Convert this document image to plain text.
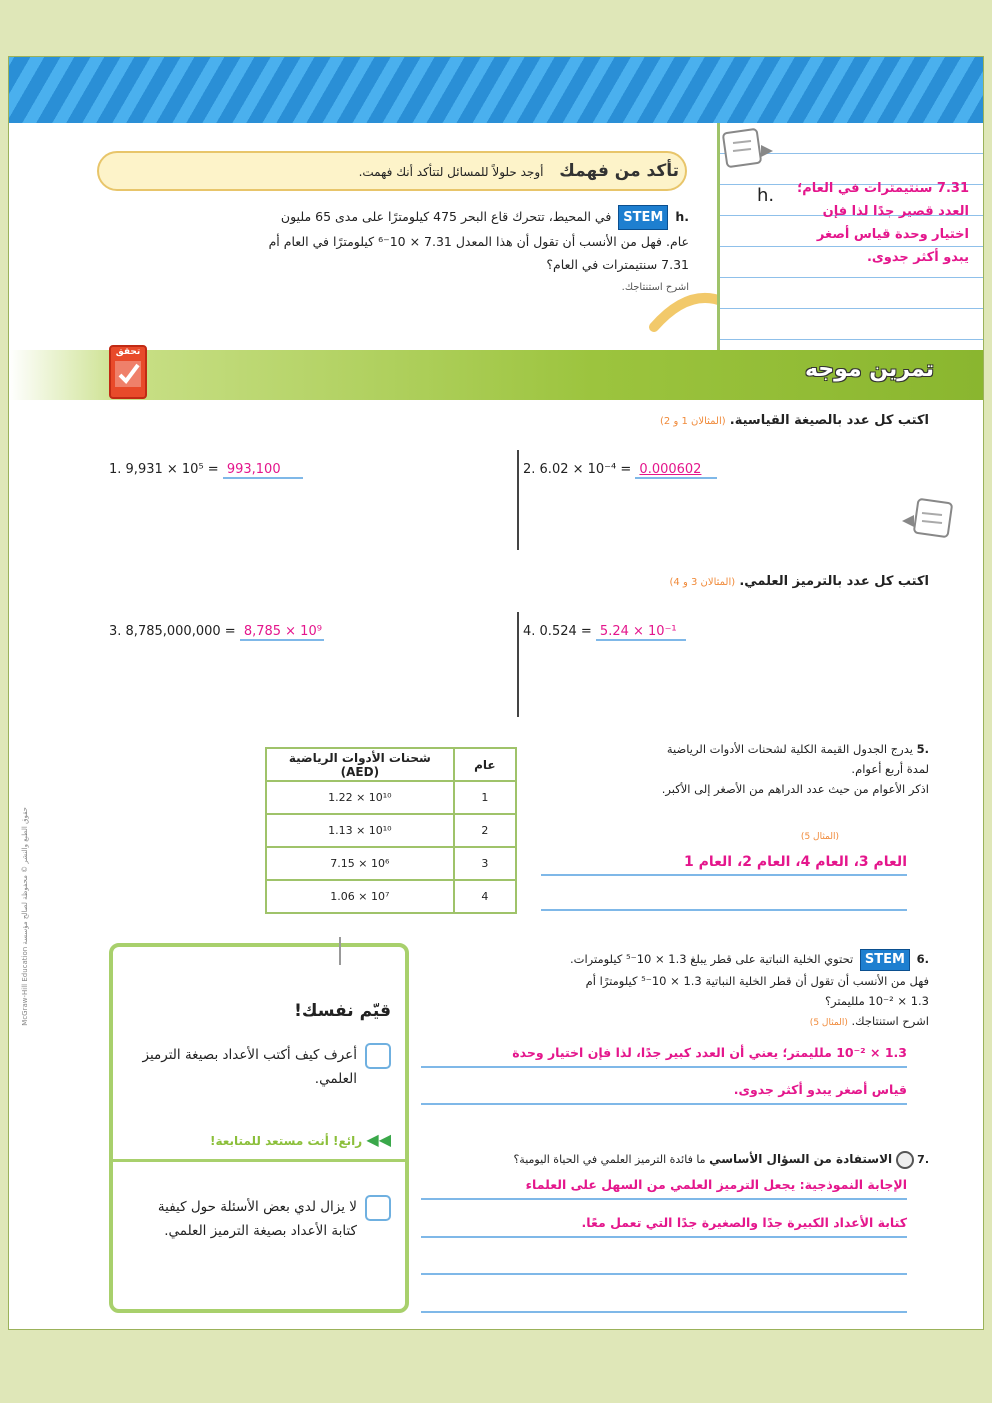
تأكد من فهمك أوجد حلولاً للمسائل لتتأكد أنك فهمت.
.h STEM في المحيط، تتحرك قاع البحر 475 كيلومترًا على مدى 65 مليون
عام. فهل من الأنسب أن تقول أن هذا المعدل 7.31 × 10⁻⁶ كيلومترًا في العام أم
7.31 سنتيمترات في العام؟
اشرح استنتاجك.
h.	7.31 سنتيمترات في العام؛
العدد قصير جدًا لذا فإن
اختيار وحدة قياس أصغر
يبدو أكثر جدوى.
تمرين موجه
تحقق
اكتب كل عدد بالصيغة القياسية. (المثالان 1 و 2)
1. 9,931 × 10⁵ = 993,100	2. 6.02 × 10⁻⁴ = 0.000602
اكتب كل عدد بالترميز العلمي. (المثالان 3 و 4)
3. 8,785,000,000 = 8,785 × 10⁹	4. 0.524 = 5.24 × 10⁻¹
شحنات الأدوات الرياضية (AED)	عام
1.22 × 10¹⁰	1
1.13 × 10¹⁰	2
7.15 × 10⁶	3
1.06 × 10⁷	4
.5 يدرج الجدول القيمة الكلية لشحنات الأدوات الرياضية
لمدة أربع أعوام.
اذكر الأعوام من حيث عدد الدراهم من الأصغر إلى الأكبر.
(المثال 5)
العام 3، العام 4، العام 2، العام 1
قيّم نفسك!
أعرف كيف أكتب الأعداد بصيغة الترميز العلمي.
◀◀ رائع! أنت مستعد للمتابعة!
لا يزال لدي بعض الأسئلة حول كيفية كتابة الأعداد بصيغة الترميز العلمي.
.6 STEM تحتوي الخلية النباتية على قطر يبلغ 1.3 × 10⁻⁵ كيلومترات.
فهل من الأنسب أن تقول أن قطر الخلية النباتية 1.3 × 10⁻⁵ كيلومترًا أم
1.3 × 10⁻² ملليمتر؟
اشرح استنتاجك. (المثال 5)
1.3 × 10⁻² ملليمتر؛ يعني أن العدد كبير جدًا، لذا فإن اختيار وحدة
قياس أصغر يبدو أكثر جدوى.
.7  الاستفادة من السؤال الأساسي ما فائدة الترميز العلمي في الحياة اليومية؟
الإجابة النموذجية: يجعل الترميز العلمي من السهل على العلماء
كتابة الأعداد الكبيرة جدًا والصغيرة جدًا التي تعمل معًا.
حقوق الطبع والنشر © محفوظة لصالح مؤسسة McGraw-Hill Education
